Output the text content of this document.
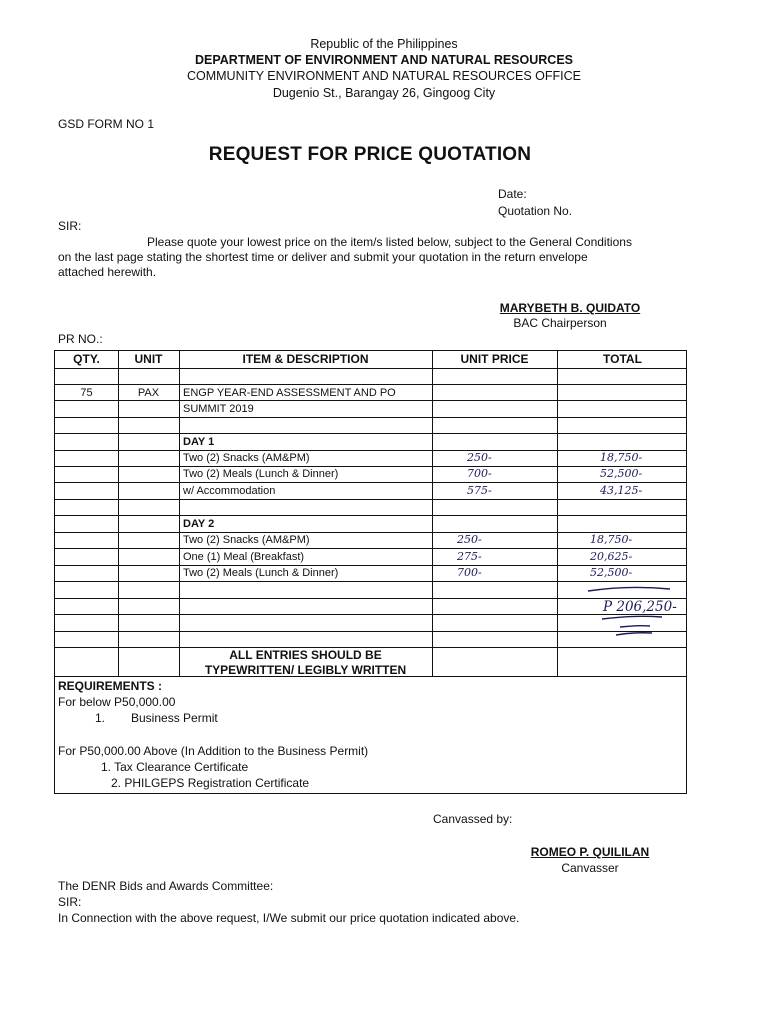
Republic of the Philippines
DEPARTMENT OF ENVIRONMENT AND NATURAL RESOURCES
COMMUNITY ENVIRONMENT AND NATURAL RESOURCES OFFICE
Dugenio St., Barangay 26, Gingoog City
GSD FORM NO 1
REQUEST FOR PRICE QUOTATION
Date:
Quotation No.
SIR:
Please quote your lowest price on the item/s listed below, subject to the General Conditions
on the last page stating the shortest time or deliver and submit your quotation in the return envelope
attached herewith.
MARYBETH B. QUIDATO
BAC Chairperson
PR NO.:
QTY.	UNIT	ITEM & DESCRIPTION	UNIT PRICE	TOTAL
75	PAX	ENGP YEAR-END ASSESSMENT AND PO
SUMMIT 2019
DAY 1
Two (2) Snacks (AM&PM)	250-	18,750-
Two (2) Meals (Lunch & Dinner)	700-	52,500-
w/ Accommodation	575-	43,125-
DAY 2
Two (2) Snacks (AM&PM)	250-	18,750-
One (1) Meal (Breakfast)	275-	20,625-
Two (2) Meals (Lunch & Dinner)	700-	52,500-
P 206,250-
ALL ENTRIES SHOULD BE
TYPEWRITTEN/ LEGIBLY WRITTEN
REQUIREMENTS :
For below P50,000.00
1. Business Permit
For P50,000.00 Above (In Addition to the Business Permit)
1. Tax Clearance Certificate
2. PHILGEPS Registration Certificate
Canvassed by:
ROMEO P. QUILILAN
Canvasser
The DENR Bids and Awards Committee:
SIR:
In Connection with the above request, I/We submit our price quotation indicated above.
